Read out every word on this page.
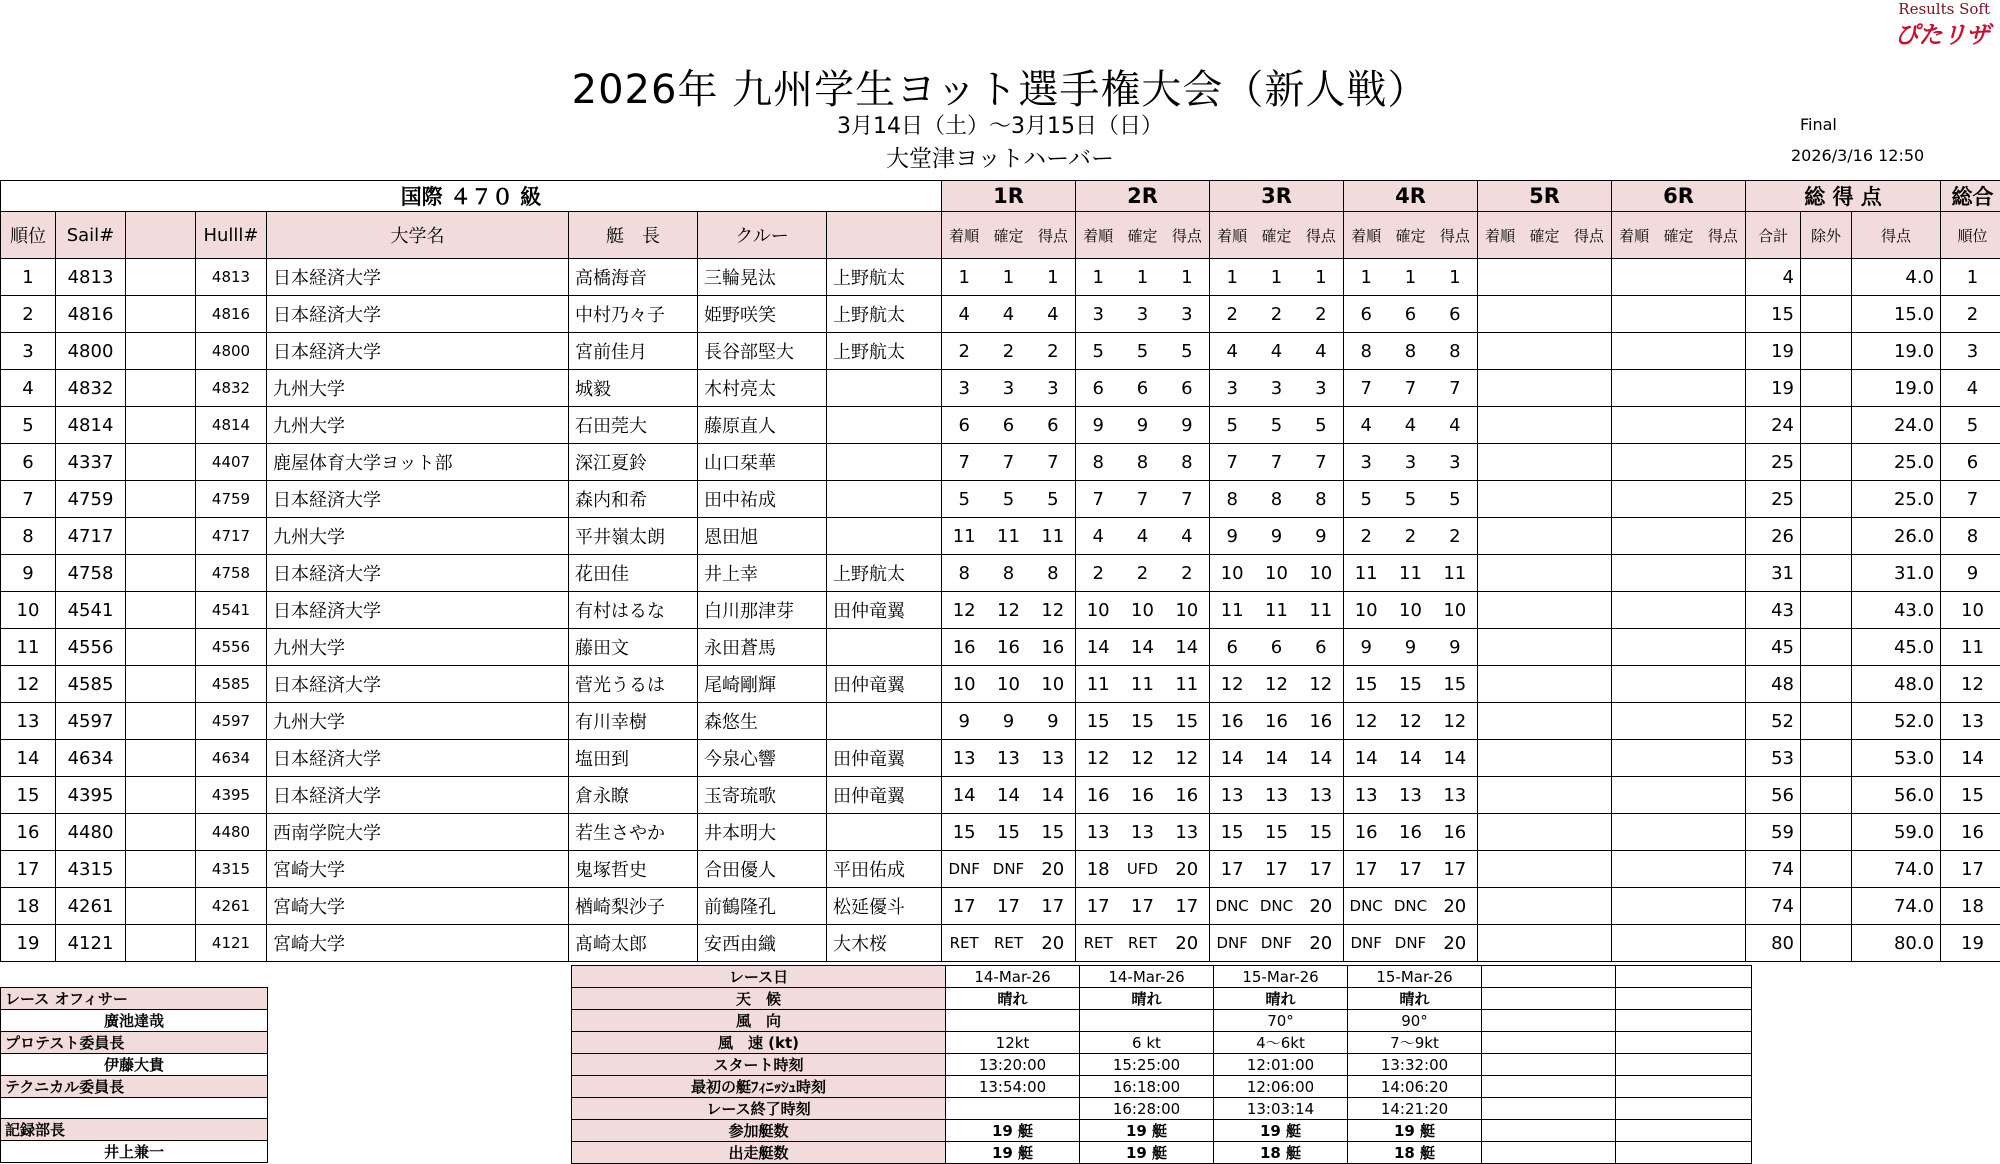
Results Soft
ぴたリザ
2026年 九州学生ヨット選手権大会（新人戦）
3月14日（土）～3月15日（日）
大堂津ヨットハーバー
Final
2026/3/16 12:50
国際 ４７０ 級								1R	2R	3R	4R	5R	6R	総 得 点			総合
順位	Sail#		Hulll#	大学名	艇　長	クルー		着順 確定 得点	着順 確定 得点	着順 確定 得点	着順 確定 得点	着順 確定 得点	着順 確定 得点	合計	除外	得点	順位
1	4813		4813	日本経済大学	高橋海音	三輪晃汰	上野航太	1 1 1	1 1 1	1 1 1	1 1 1			4		4.0	1
2	4816		4816	日本経済大学	中村乃々子	姫野咲笑	上野航太	4 4 4	3 3 3	2 2 2	6 6 6			15		15.0	2
3	4800		4800	日本経済大学	宮前佳月	長谷部堅大	上野航太	2 2 2	5 5 5	4 4 4	8 8 8			19		19.0	3
4	4832		4832	九州大学	城毅	木村亮太		3 3 3	6 6 6	3 3 3	7 7 7			19		19.0	4
5	4814		4814	九州大学	石田莞大	藤原直人		6 6 6	9 9 9	5 5 5	4 4 4			24		24.0	5
6	4337		4407	鹿屋体育大学ヨット部	深江夏鈴	山口栞華		7 7 7	8 8 8	7 7 7	3 3 3			25		25.0	6
7	4759		4759	日本経済大学	森内和希	田中祐成		5 5 5	7 7 7	8 8 8	5 5 5			25		25.0	7
8	4717		4717	九州大学	平井嶺太朗	恩田旭		11 11 11	4 4 4	9 9 9	2 2 2			26		26.0	8
9	4758		4758	日本経済大学	花田佳	井上幸	上野航太	8 8 8	2 2 2	10 10 10	11 11 11			31		31.0	9
10	4541		4541	日本経済大学	有村はるな	白川那津芽	田仲竜翼	12 12 12	10 10 10	11 11 11	10 10 10			43		43.0	10
11	4556		4556	九州大学	藤田文	永田蒼馬		16 16 16	14 14 14	6 6 6	9 9 9			45		45.0	11
12	4585		4585	日本経済大学	菅光うるは	尾崎剛輝	田仲竜翼	10 10 10	11 11 11	12 12 12	15 15 15			48		48.0	12
13	4597		4597	九州大学	有川幸樹	森悠生		9 9 9	15 15 15	16 16 16	12 12 12			52		52.0	13
14	4634		4634	日本経済大学	塩田到	今泉心響	田仲竜翼	13 13 13	12 12 12	14 14 14	14 14 14			53		53.0	14
15	4395		4395	日本経済大学	倉永瞭	玉寄琉歌	田仲竜翼	14 14 14	16 16 16	13 13 13	13 13 13			56		56.0	15
16	4480		4480	西南学院大学	若生さやか	井本明大		15 15 15	13 13 13	15 15 15	16 16 16			59		59.0	16
17	4315		4315	宮崎大学	鬼塚哲史	合田優人	平田佑成	DNF DNF 20	18 UFD 20	17 17 17	17 17 17			74		74.0	17
18	4261		4261	宮崎大学	楢崎梨沙子	前鶴隆孔	松延優斗	17 17 17	17 17 17	DNC DNC 20	DNC DNC 20			74		74.0	18
19	4121		4121	宮崎大学	髙崎太郎	安西由織	大木桜	RET RET 20	RET RET 20	DNF DNF 20	DNF DNF 20			80		80.0	19
レース オフィサー
廣池達哉
プロテスト委員長
伊藤大貴
テクニカル委員長

記録部長
井上兼一
レース日	14-Mar-26	14-Mar-26	15-Mar-26	15-Mar-26		
天　候	晴れ	晴れ	晴れ	晴れ		
風　向			70°	90°		
風　速 (kt)	12kt	6 kt	4～6kt	7～9kt		
スタート時刻	13:20:00	15:25:00	12:01:00	13:32:00		
最初の艇ﾌｨﾆｯｼｭ時刻	13:54:00	16:18:00	12:06:00	14:06:20		
レース終了時刻		16:28:00	13:03:14	14:21:20		
参加艇数	19 艇	19 艇	19 艇	19 艇		
出走艇数	19 艇	19 艇	18 艇	18 艇		
